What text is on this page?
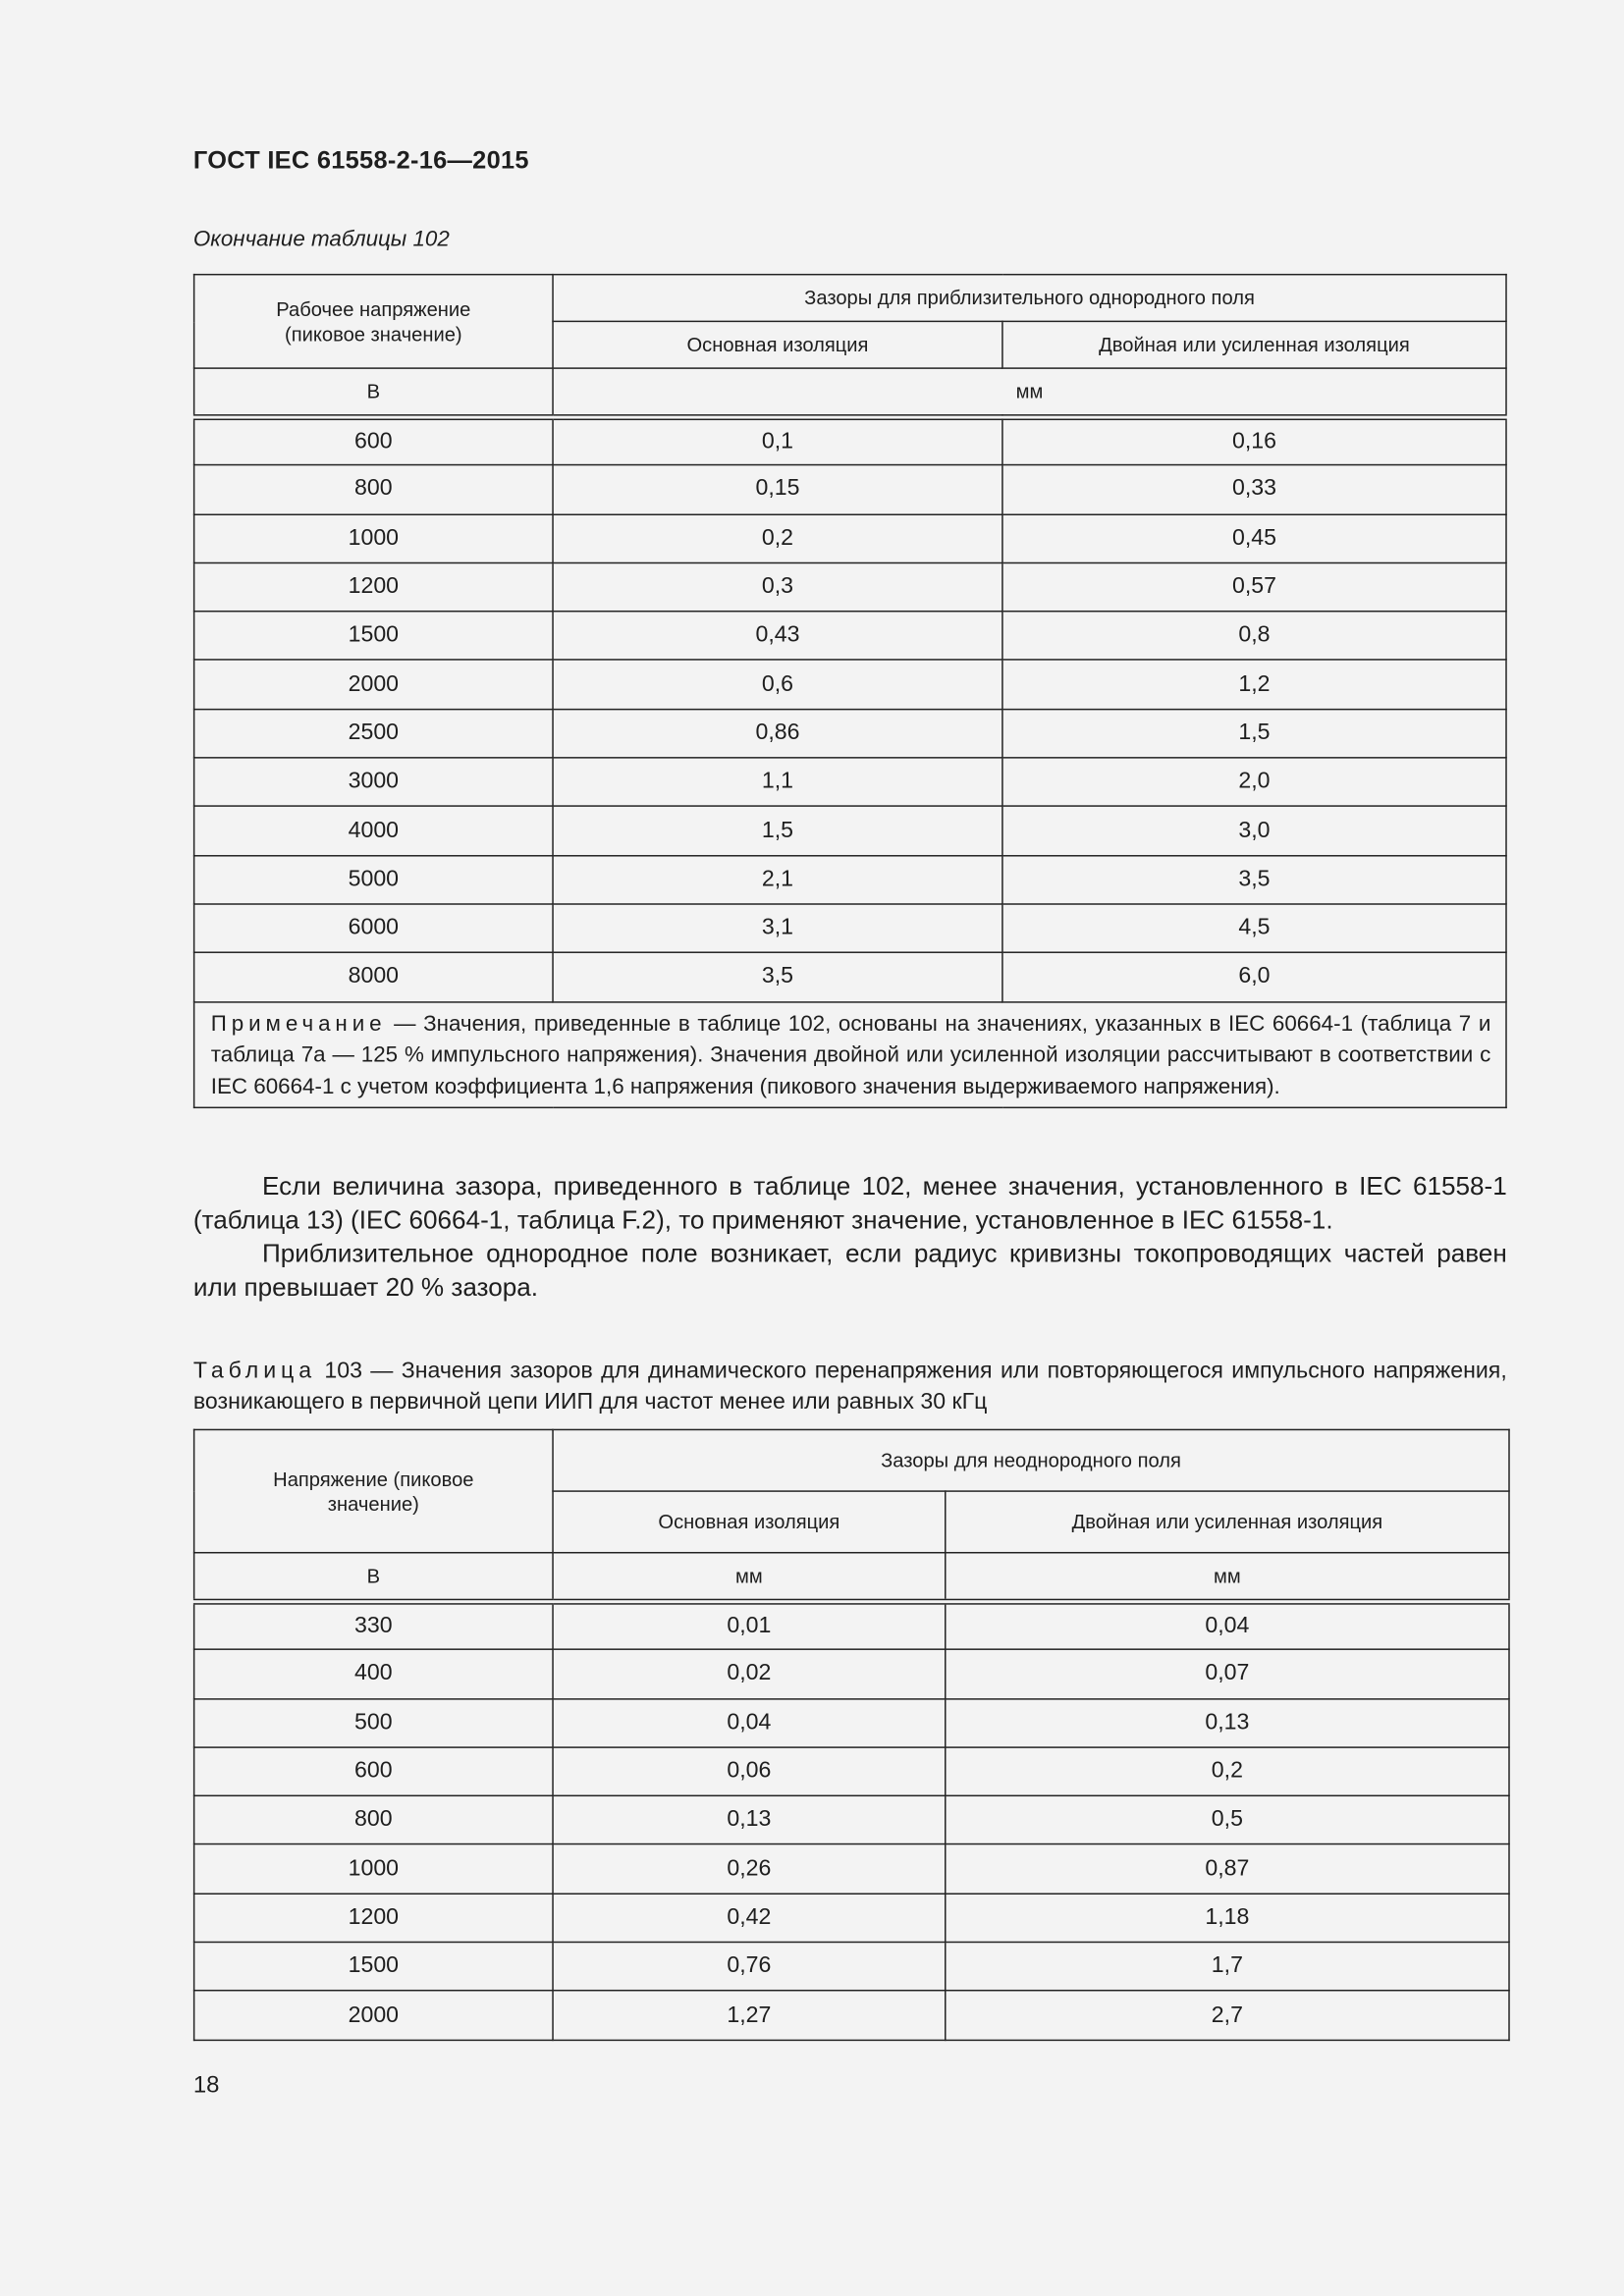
ГОСТ IEC 61558-2-16—2015
Окончание таблицы 102
Рабочее напряжение (пиковое значение)	Зазоры для приблизительного однородного поля	
	Основная изоляция	Двойная или усиленная изоляция
В	мм	
600	0,1	0,16
800	0,15	0,33
1000	0,2	0,45
1200	0,3	0,57
1500	0,43	0,8
2000	0,6	1,2
2500	0,86	1,5
3000	1,1	2,0
4000	1,5	3,0
5000	2,1	3,5
6000	3,1	4,5
8000	3,5	6,0
Примечание — Значения, приведенные в таблице 102, основаны на значениях, указанных в IEC 60664-1 (таблица 7 и таблица 7а — 125 % импульсного напряжения). Значения двойной или усиленной изоляции рассчитывают в соответствии с IEC 60664-1 с учетом коэффициента 1,6 напряжения (пикового значения выдерживаемого напряжения).		

Если величина зазора, приведенного в таблице 102, менее значения, установленного в IEC 61558-1 (таблица 13) (IEC 60664-1, таблица F.2), то применяют значение, установленное в IEC 61558-1.

Приблизительное однородное поле возникает, если радиус кривизны токопроводящих частей равен или превышает 20 % зазора.

Таблица 103 — Значения зазоров для динамического перенапряжения или повторяющегося импульсного напряжения, возникающего в первичной цепи ИИП для частот менее или равных 30 кГц
Напряжение (пиковое значение)	Зазоры для неоднородного поля	
	Основная изоляция	Двойная или усиленная изоляция
В	мм	мм
330	0,01	0,04
400	0,02	0,07
500	0,04	0,13
600	0,06	0,2
800	0,13	0,5
1000	0,26	0,87
1200	0,42	1,18
1500	0,76	1,7
2000	1,27	2,7
18
